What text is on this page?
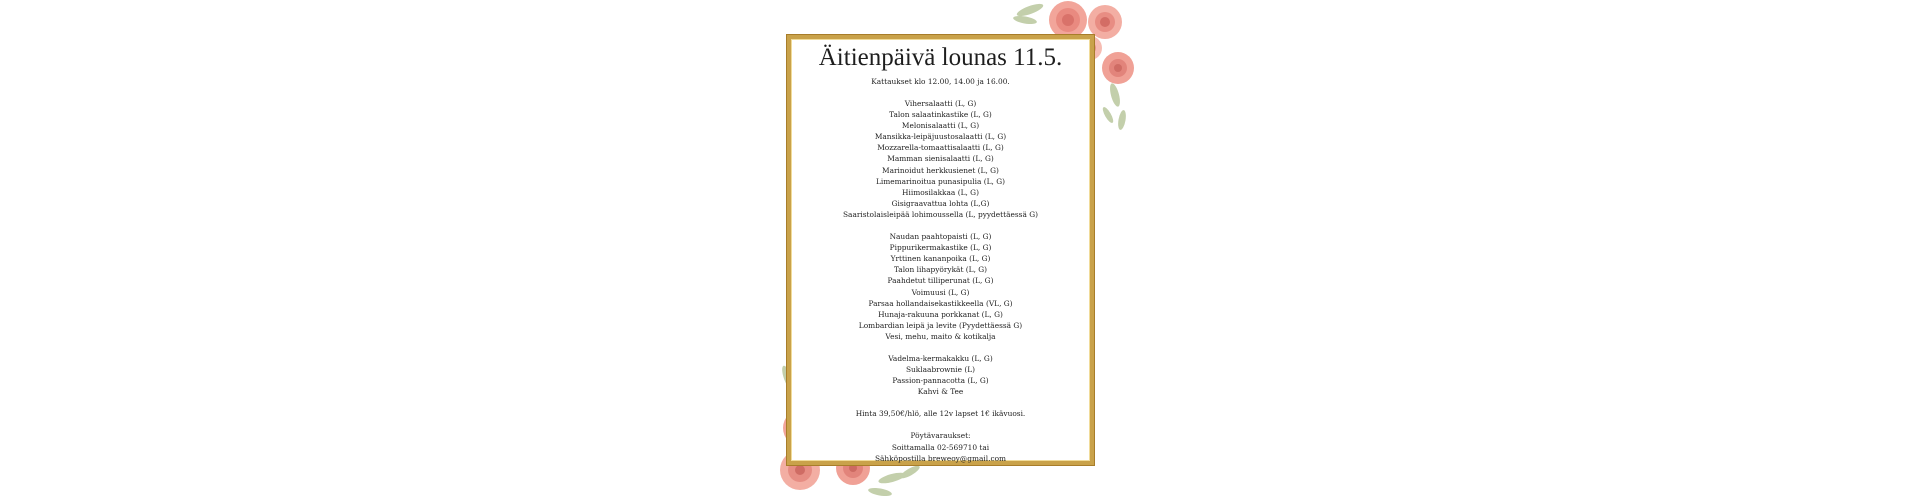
Äitienpäivä lounas 11.5.
Kattaukset klo 12.00, 14.00 ja 16.00.
Vihersalaatti (L, G)
Talon salaatinkastike (L, G)
Melonisalaatti (L, G)
Mansikka-leipäjuustosalaatti (L, G)
Mozzarella-tomaattisalaatti (L, G)
Mamman sienisalaatti (L, G)
Marinoidut herkkusienet (L, G)
Limemarinoitua punasipulia (L, G)
Hiimosilakkaa (L, G)
Gisigraavattua lohta (L,G)
Saaristolaisleipää lohimoussella (L, pyydettäessä G)
Naudan paahtopaisti (L, G)
Pippurikermakastike (L, G)
Yrttinen kananpoika (L, G)
Talon lihapyörykät (L, G)
Paahdetut tilliperunat (L, G)
Voimuusi (L, G)
Parsaa hollandaisekastikkeella (VL, G)
Hunaja-rakuuna porkkanat (L, G)
Lombardian leipä ja levite (Pyydettäessä G)
Vesi, mehu, maito & kotikalja
Vadelma-kermakakku (L, G)
Suklaabrownie (L)
Passion-pannacotta (L, G)
Kahvi & Tee
Hinta 39,50€/hlö, alle 12v lapset 1€ ikävuosi.
Pöytävaraukset:
Soittamalla 02-569710 tai
Sähköpostilla breweoy@gmail.com
